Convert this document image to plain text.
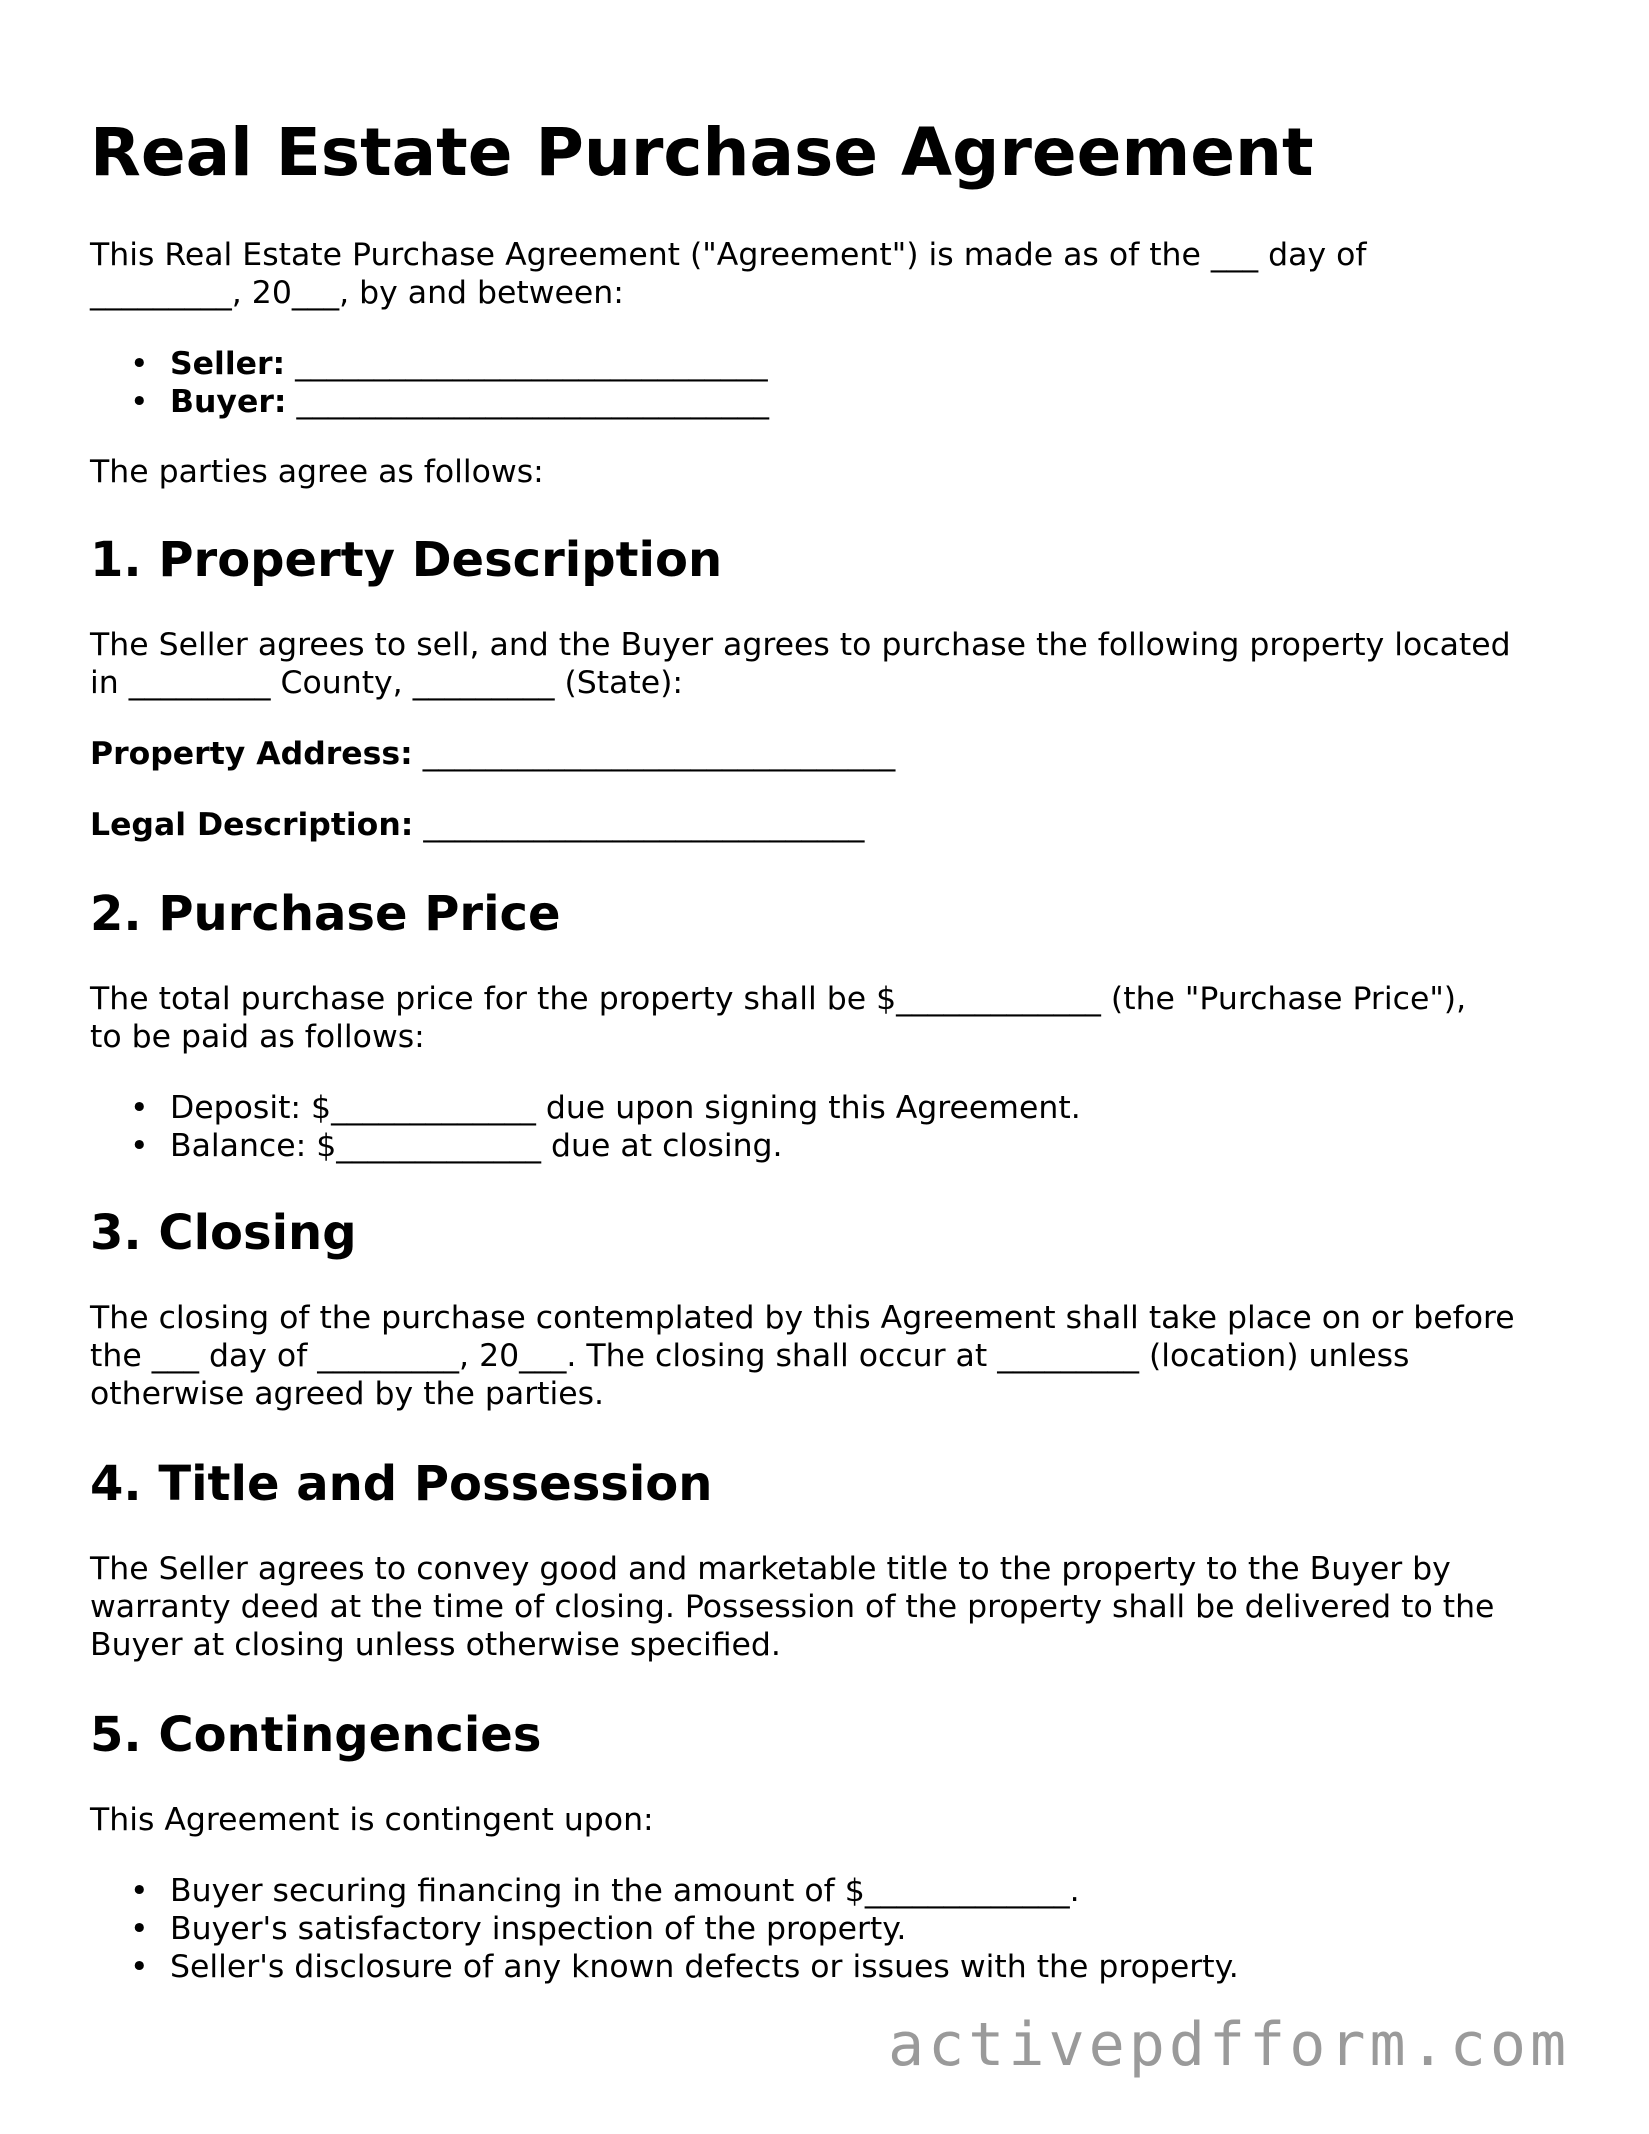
Real Estate Purchase Agreement

This Real Estate Purchase Agreement ("Agreement") is made as of the ___ day of
_________, 20___, by and between:

• Seller: ______________________________
• Buyer: ______________________________

The parties agree as follows:

1. Property Description

The Seller agrees to sell, and the Buyer agrees to purchase the following property located
in _________ County, _________ (State):

Property Address: ______________________________

Legal Description: ____________________________

2. Purchase Price

The total purchase price for the property shall be $_____________ (the "Purchase Price"),
to be paid as follows:

• Deposit: $_____________ due upon signing this Agreement.
• Balance: $_____________ due at closing.
3. Closing

The closing of the purchase contemplated by this Agreement shall take place on or before
the ___ day of _________, 20___. The closing shall occur at _________ (location) unless
otherwise agreed by the parties.

4. Title and Possession

The Seller agrees to convey good and marketable title to the property to the Buyer by
warranty deed at the time of closing. Possession of the property shall be delivered to the
Buyer at closing unless otherwise specified.

5. Contingencies

This Agreement is contingent upon:

• Buyer securing financing in the amount of $_____________.
• Buyer's satisfactory inspection of the property.
• Seller's disclosure of any known defects or issues with the property.
activepdfform.com
